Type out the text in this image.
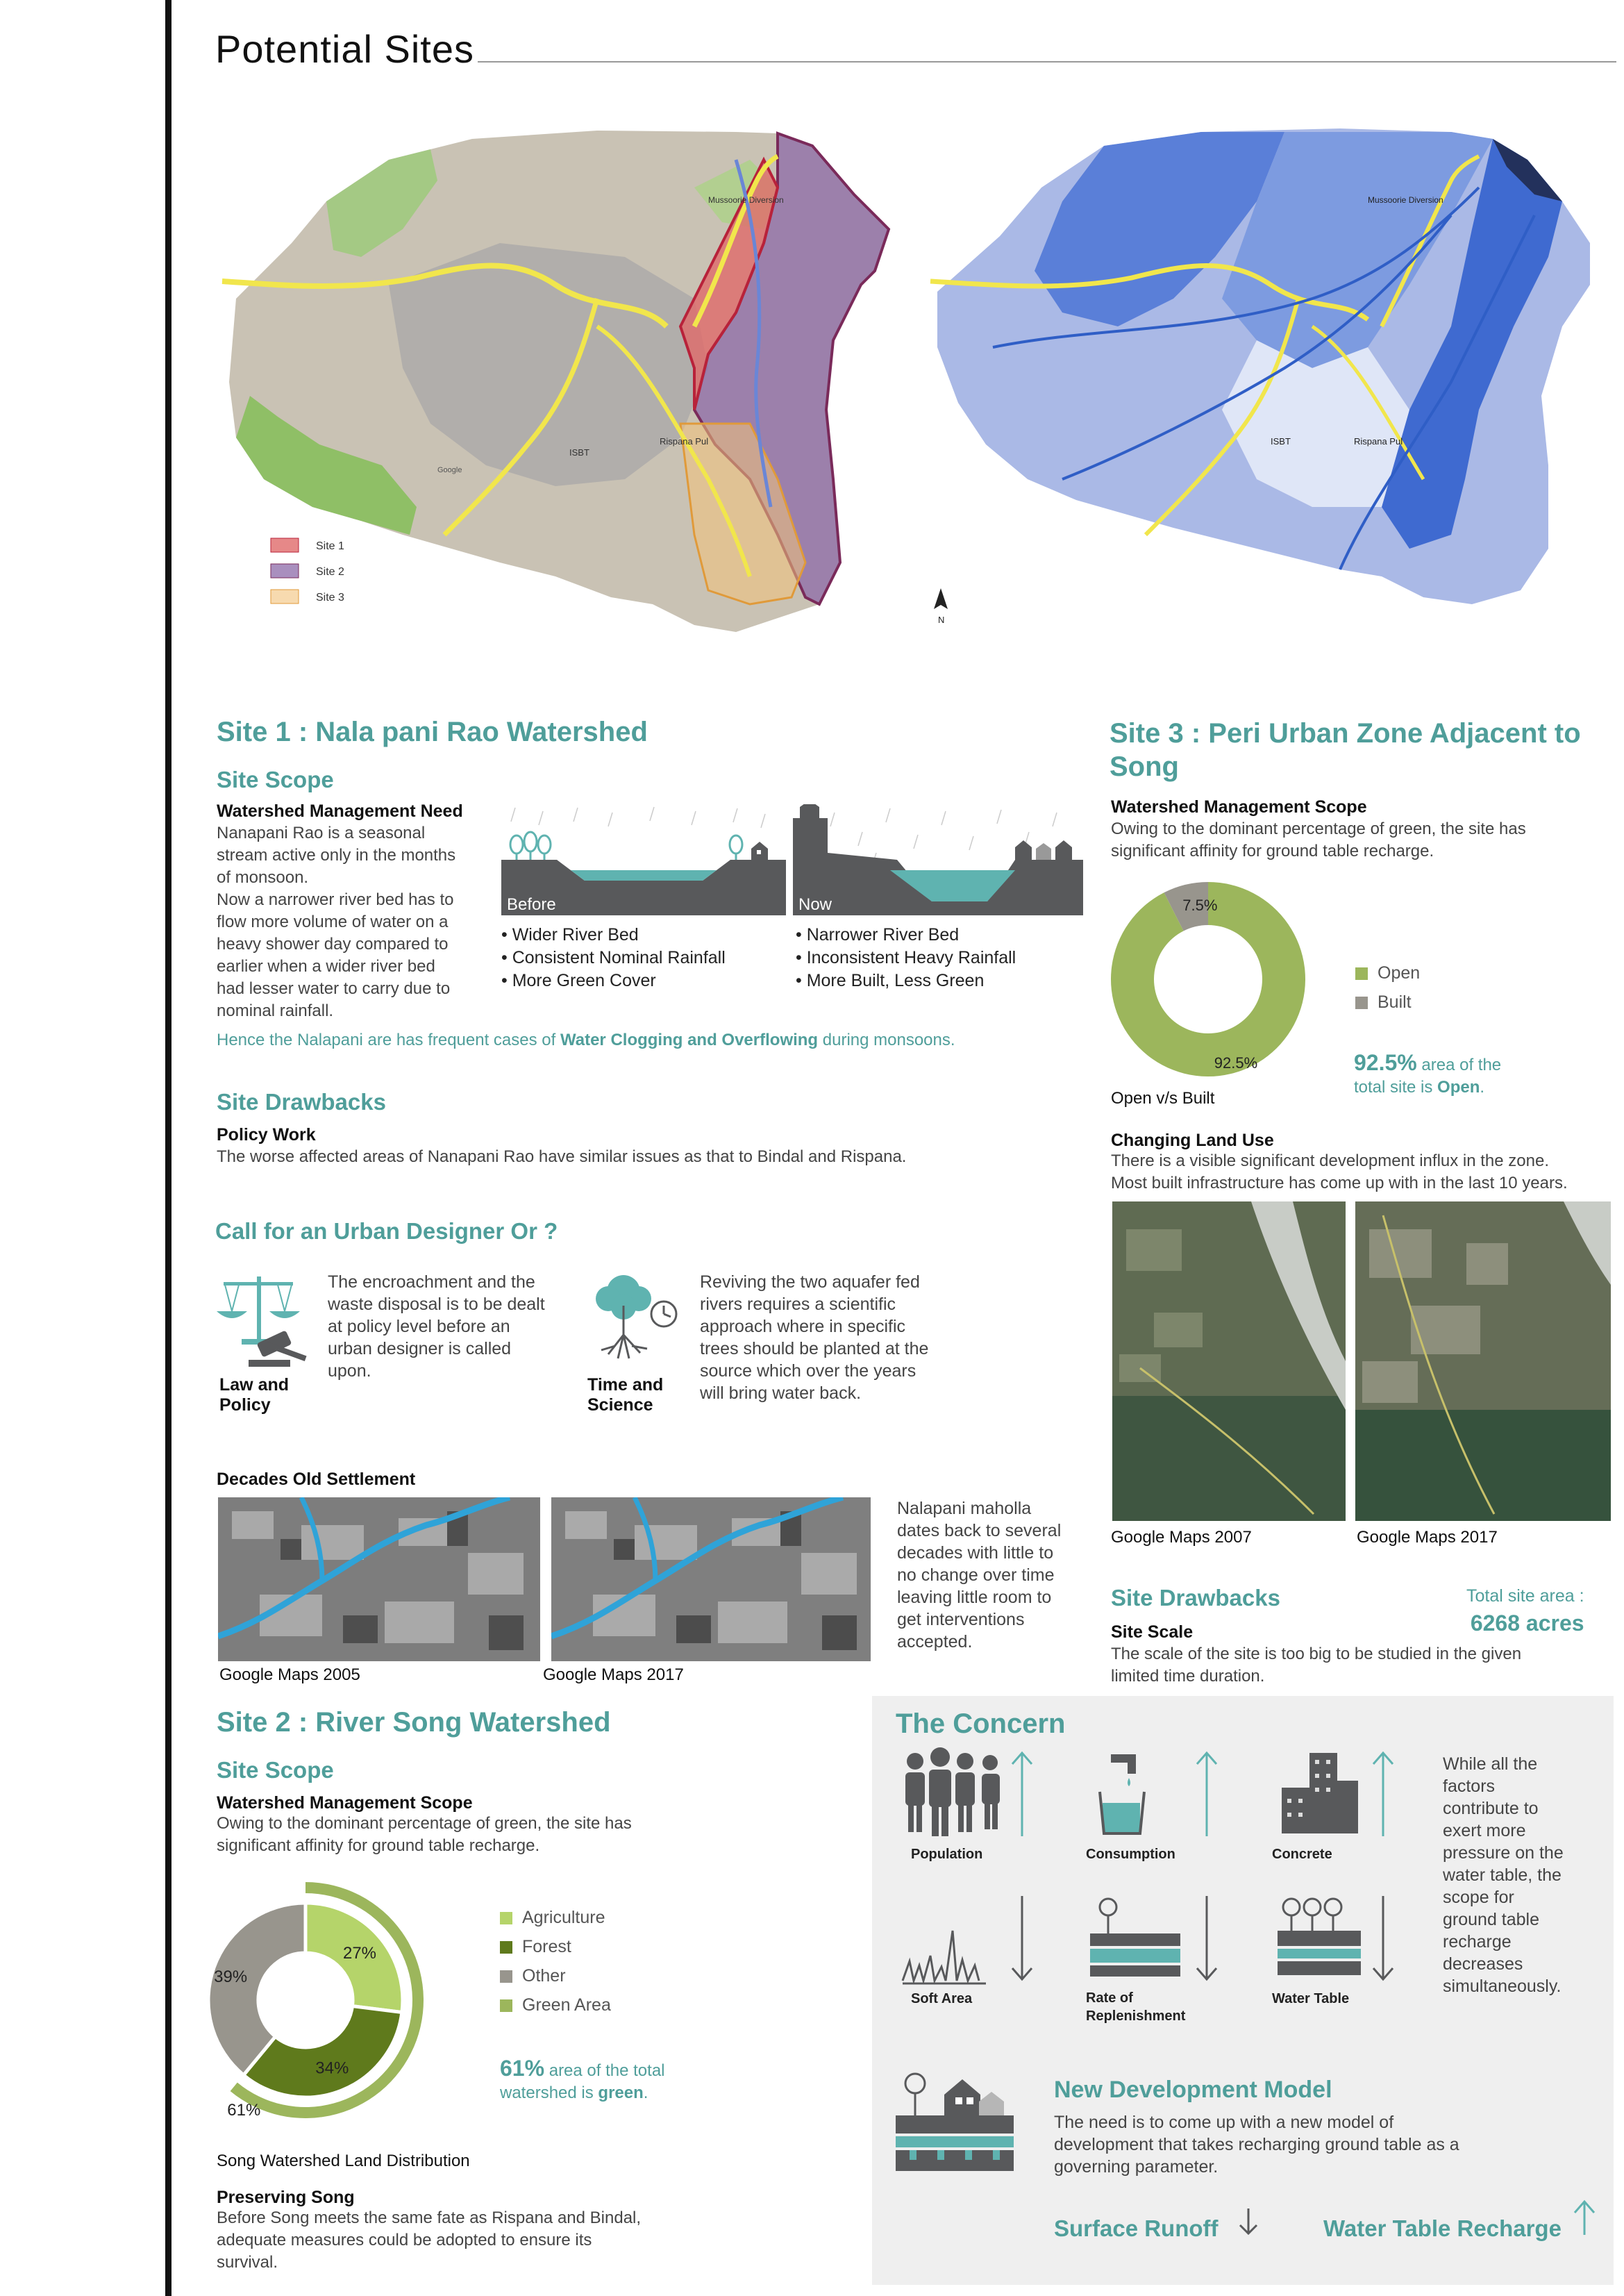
Potential Sites
Mussoorie Diversion
ISBT
Rispana Pul
Google
Site 1
Site 2
Site 3
Mussoorie Diversion
ISBT	Rispana Pul
N
Site 1 : Nala pani Rao Watershed
Site Scope
Watershed Management Need
Nanapani Rao is a seasonal
stream active only in the months
of monsoon.
Now a narrower river bed has to
flow more volume of water on a
heavy shower day compared to
earlier when a wider river bed
had lesser water to carry due to
nominal rainfall.
Before	Now
• Wider River Bed
• Consistent Nominal Rainfall
• More Green Cover
• Narrower River Bed
• Inconsistent Heavy Rainfall
• More Built, Less Green
Hence the Nalapani are has frequent cases of Water Clogging and Overflowing during monsoons.
Site Drawbacks
Policy Work
The worse affected areas of Nanapani Rao have similar issues as that to Bindal and Rispana.
Call for an Urban Designer Or ?
Law and
Policy
The encroachment and the
waste disposal is to be dealt
at policy level before an
urban designer is called
upon.
Time and
Science
Reviving the two aquafer fed
rivers requires a scientific
approach where in specific
trees should be planted at the
source which over the years
will bring water back.
Decades Old Settlement
Google Maps 2005	Google Maps 2017
Nalapani maholla
dates back to several
decades with little to
no change over time
leaving little room to
get interventions
accepted.
Site 2 : River Song Watershed
Site Scope
Watershed Management Scope
Owing to the dominant percentage of green, the site has
significant affinity for ground table recharge.
27%
34%
39%
61%
Agriculture
Forest
Other
Green Area
61% area of the total
watershed is green.
Song Watershed Land Distribution
Preserving Song
Before Song meets the same fate as Rispana and Bindal,
adequate measures could be adopted to ensure its
survival.
Site 3 : Peri Urban Zone Adjacent to
Song
Watershed Management Scope
Owing to the dominant percentage of green, the site has
significant affinity for ground table recharge.
7.5%
92.5%
Open
Built
92.5% area of the
total site is Open.
Open v/s Built
Changing Land Use
There is a visible significant development influx in the zone.
Most built infrastructure has come up with in the last 10 years.
Google Maps 2007	Google Maps 2017
Site Drawbacks	Total site area :
6268 acres
Site Scale
The scale of the site is too big to be studied in the given
limited time duration.
The Concern
Population	Consumption	Concrete
Soft Area	Rate of
Replenishment
Water Table
While all the
factors
contribute to
exert more
pressure on the
water table, the
scope for
ground table
recharge
decreases
simultaneously.
New Development Model
The need is to come up with a new model of
development that takes recharging ground table as a
governing parameter.
Surface Runoff	Water Table Recharge
